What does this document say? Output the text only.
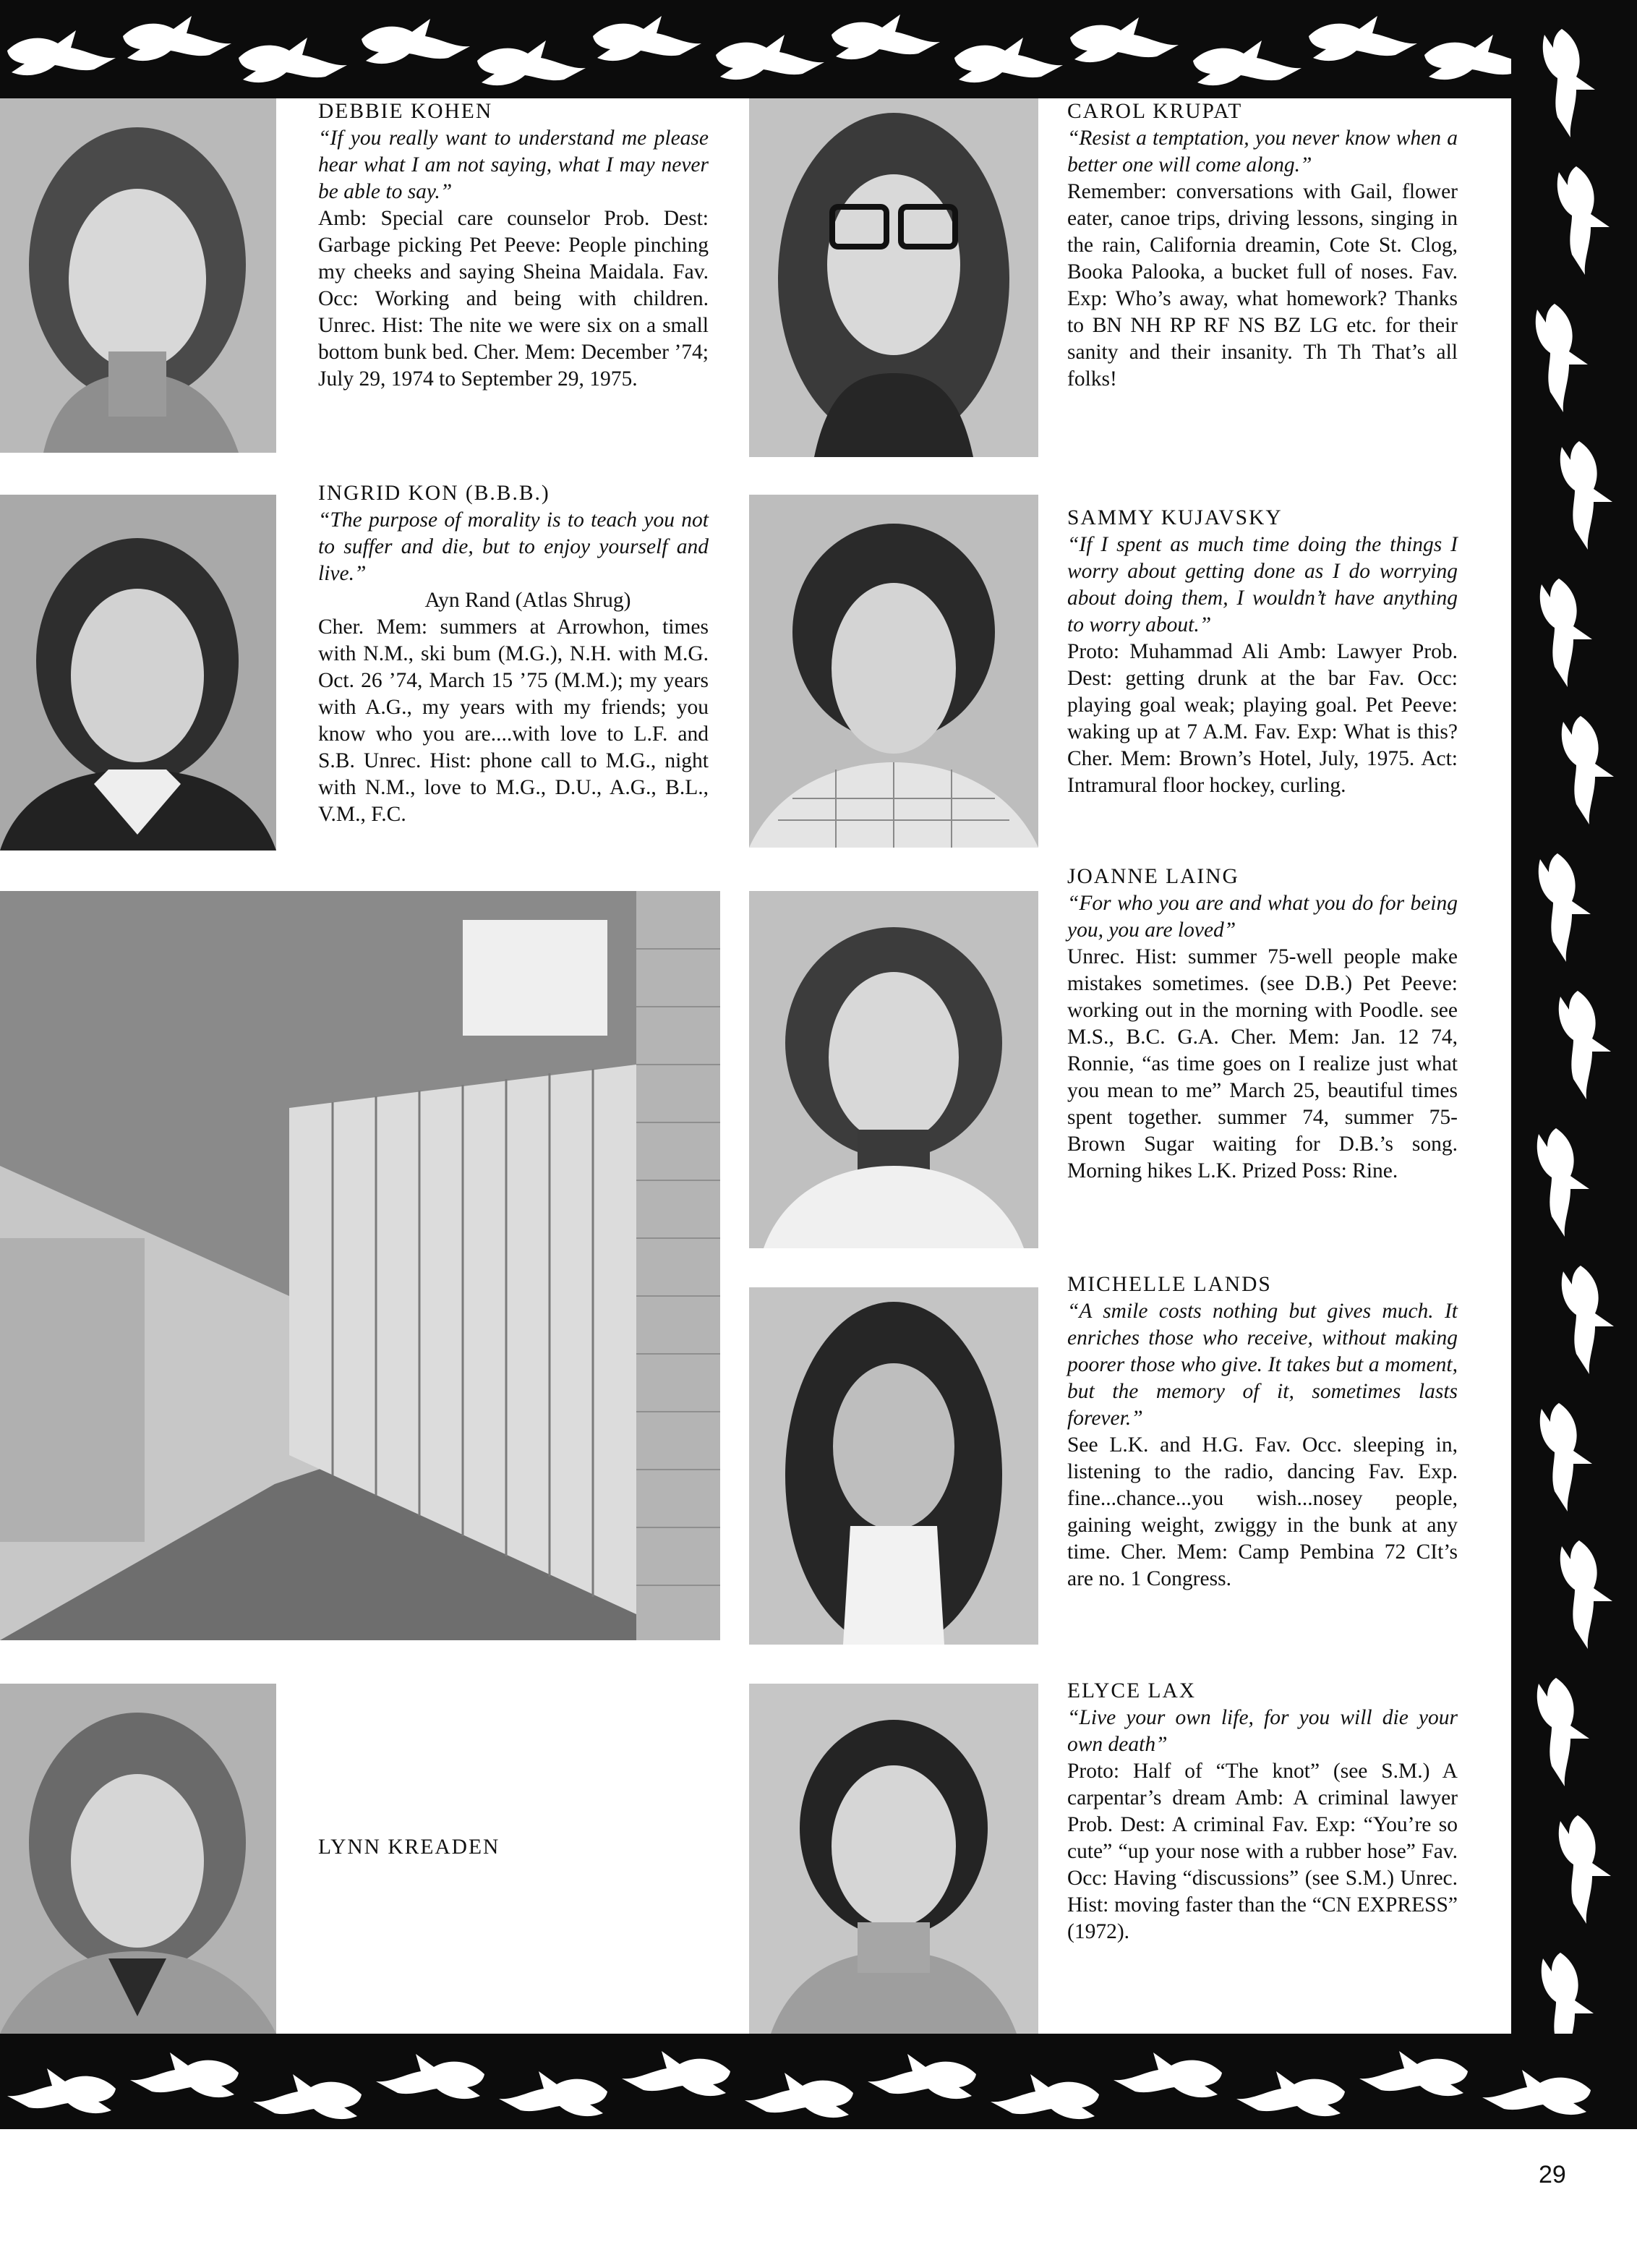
DEBBIE KOHEN
“If you really want to understand me please hear what I am not saying, what I may never be able to say.”
Amb: Special care counselor Prob. Dest: Garbage picking Pet Peeve: People pinching my cheeks and saying Sheina Maidala. Fav. Occ: Working and being with children. Unrec. Hist: The nite we were six on a small bottom bunk bed. Cher. Mem: December ’74; July 29, 1974 to September 29, 1975.
INGRID KON (B.B.B.)
“The purpose of morality is to teach you not to suffer and die, but to enjoy yourself and live.”
Ayn Rand (Atlas Shrug)
Cher. Mem: summers at Arrowhon, times with N.M., ski bum (M.G.), N.H. with M.G. Oct. 26 ’74, March 15 ’75 (M.M.); my years with A.G., my years with my friends; you know who you are....with love to L.F. and S.B. Unrec. Hist: phone call to M.G., night with N.M., love to M.G., D.U., A.G., B.L., V.M., F.C.
LYNN KREADEN
CAROL KRUPAT
“Resist a temptation, you never know when a better one will come along.”
Remember: conversations with Gail, flower eater, canoe trips, driving lessons, singing in the rain, California dreamin, Cote St. Clog, Booka Palooka, a bucket full of noses. Fav. Exp: Who’s away, what homework? Thanks to BN NH RP RF NS BZ LG etc. for their sanity and their insanity. Th Th That’s all folks!
SAMMY KUJAVSKY
“If I spent as much time doing the things I worry about getting done as I do worrying about doing them, I wouldn’t have anything to worry about.”
Proto: Muhammad Ali Amb: Lawyer Prob. Dest: getting drunk at the bar Fav. Occ: playing goal weak; playing goal. Pet Peeve: waking up at 7 A.M. Fav. Exp: What is this? Cher. Mem: Brown’s Hotel, July, 1975. Act: Intramural floor hockey, curling.
JOANNE LAING
“For who you are and what you do for being you, you are loved”
Unrec. Hist: summer 75-well people make mistakes sometimes. (see D.B.) Pet Peeve: working out in the morning with Poodle. see M.S., B.C. G.A. Cher. Mem: Jan. 12 74, Ronnie, “as time goes on I realize just what you mean to me” March 25, beautiful times spent together. summer 74, summer 75-Brown Sugar waiting for D.B.’s song. Morning hikes L.K. Prized Poss: Rine.
MICHELLE LANDS
“A smile costs nothing but gives much. It enriches those who receive, without making poorer those who give. It takes but a moment, but the memory of it, sometimes lasts forever.”
See L.K. and H.G. Fav. Occ. sleeping in, listening to the radio, dancing Fav. Exp. fine...chance...you wish...nosey people, gaining weight, zwiggy in the bunk at any time. Cher. Mem: Camp Pembina 72 CIt’s are no. 1 Congress.
ELYCE LAX
“Live your own life, for you will die your own death”
Proto: Half of “The knot” (see S.M.) A carpentar’s dream Amb: A criminal lawyer Prob. Dest: A criminal Fav. Exp: “You’re so cute” “up your nose with a rubber hose” Fav. Occ: Having “discussions” (see S.M.) Unrec. Hist: moving faster than the “CN EXPRESS” (1972).
29
